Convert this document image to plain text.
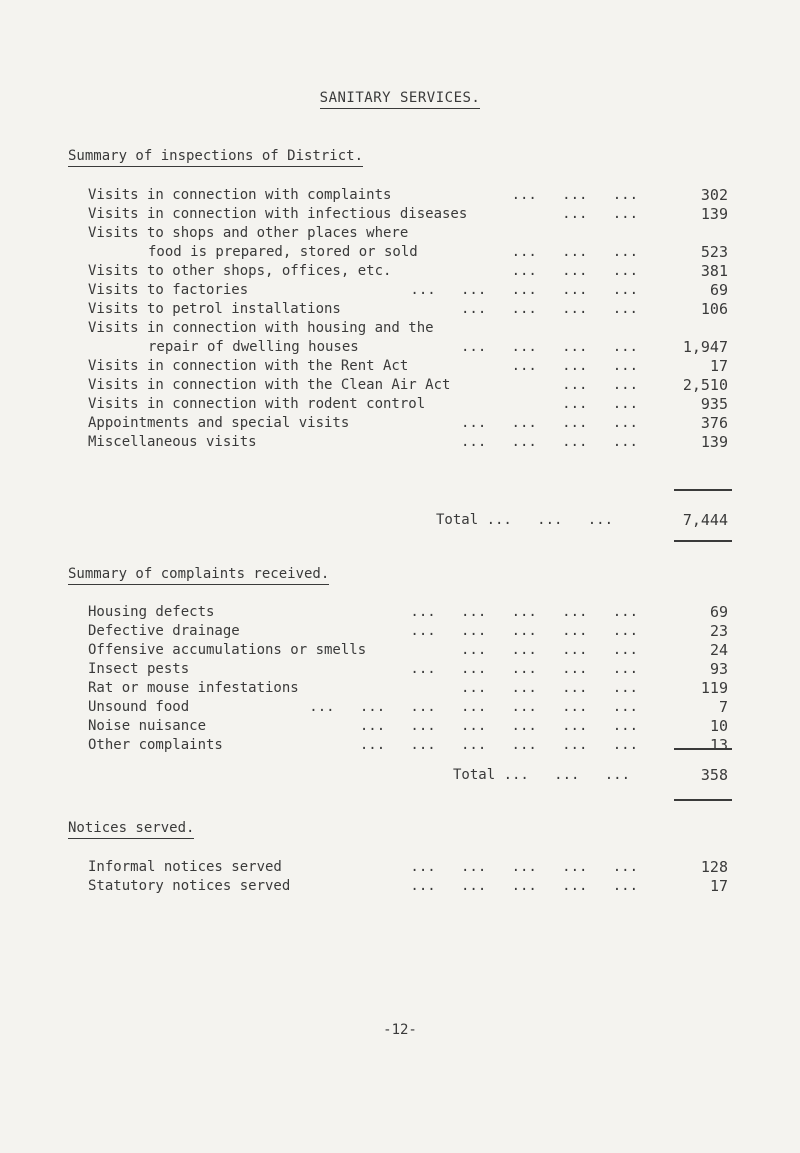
SANITARY SERVICES.
Summary of inspections of District.
Visits in connection with complaints	...   ...   ...	302
Visits in connection with infectious diseases	...   ...	139
Visits to shops and other places where
food is prepared, stored or sold	...   ...   ...	523
Visits to other shops, offices, etc.	...   ...   ...	381
Visits to factories	...   ...   ...   ...   ...	69
Visits to petrol installations	...   ...   ...   ...	106
Visits in connection with housing and the
repair of dwelling houses	...   ...   ...   ...	1,947
Visits in connection with the Rent Act	...   ...   ...	17
Visits in connection with the Clean Air Act	...   ...	2,510
Visits in connection with rodent control	...   ...	935
Appointments and special visits	...   ...   ...   ...	376
Miscellaneous visits	...   ...   ...   ...	139
Total ...   ...   ...	7,444
Summary of complaints received.
Housing defects	...   ...   ...   ...   ...	69
Defective drainage	...   ...   ...   ...   ...	23
Offensive accumulations or smells	...   ...   ...   ...	24
Insect pests	...   ...   ...   ...   ...	93
Rat or mouse infestations	...   ...   ...   ...	119
Unsound food	...   ...   ...   ...   ...   ...   ...	7
Noise nuisance	...   ...   ...   ...   ...   ...	10
Other complaints	...   ...   ...   ...   ...   ...	13
Total ...   ...   ...	358
Notices served.
Informal notices served	...   ...   ...   ...   ...	128
Statutory notices served	...   ...   ...   ...   ...	17
-12-
